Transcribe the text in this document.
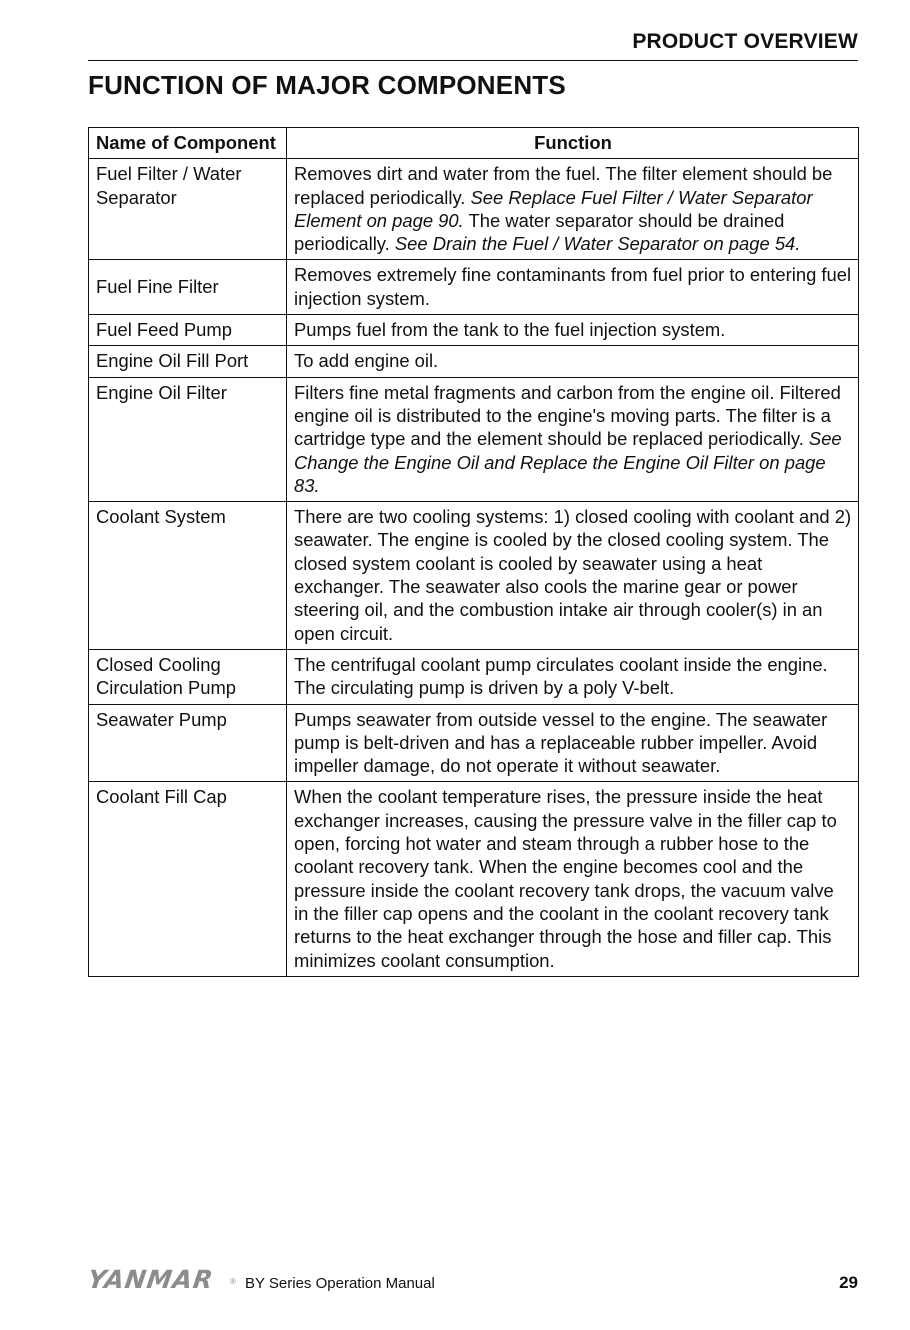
PRODUCT OVERVIEW
FUNCTION OF MAJOR COMPONENTS
Name of Component	Function
Fuel Filter / Water Separator	Removes dirt and water from the fuel. The filter element should be replaced periodically. See Replace Fuel Filter / Water Separator Element on page 90. The water separator should be drained periodically. See Drain the Fuel / Water Separator on page 54.
Fuel Fine Filter	Removes extremely fine contaminants from fuel prior to entering fuel injection system.
Fuel Feed Pump	Pumps fuel from the tank to the fuel injection system.
Engine Oil Fill Port	To add engine oil.
Engine Oil Filter	Filters fine metal fragments and carbon from the engine oil. Filtered engine oil is distributed to the engine's moving parts. The filter is a cartridge type and the element should be replaced periodically. See Change the Engine Oil and Replace the Engine Oil Filter on page 83.
Coolant System	There are two cooling systems: 1) closed cooling with coolant and 2) seawater. The engine is cooled by the closed cooling system. The closed system coolant is cooled by seawater using a heat exchanger. The seawater also cools the marine gear or power steering oil, and the combustion intake air through cooler(s) in an open circuit.
Closed Cooling Circulation Pump	The centrifugal coolant pump circulates coolant inside the engine. The circulating pump is driven by a poly V-belt.
Seawater Pump	Pumps seawater from outside vessel to the engine. The seawater pump is belt-driven and has a replaceable rubber impeller. Avoid impeller damage, do not operate it without seawater.
Coolant Fill Cap	When the coolant temperature rises, the pressure inside the heat exchanger increases, causing the pressure valve in the filler cap to open, forcing hot water and steam through a rubber hose to the coolant recovery tank. When the engine becomes cool and the pressure inside the coolant recovery tank drops, the vacuum valve in the filler cap opens and the coolant in the coolant recovery tank returns to the heat exchanger through the hose and filler cap. This minimizes coolant consumption.
YANMAR ® BY Series Operation Manual	29
